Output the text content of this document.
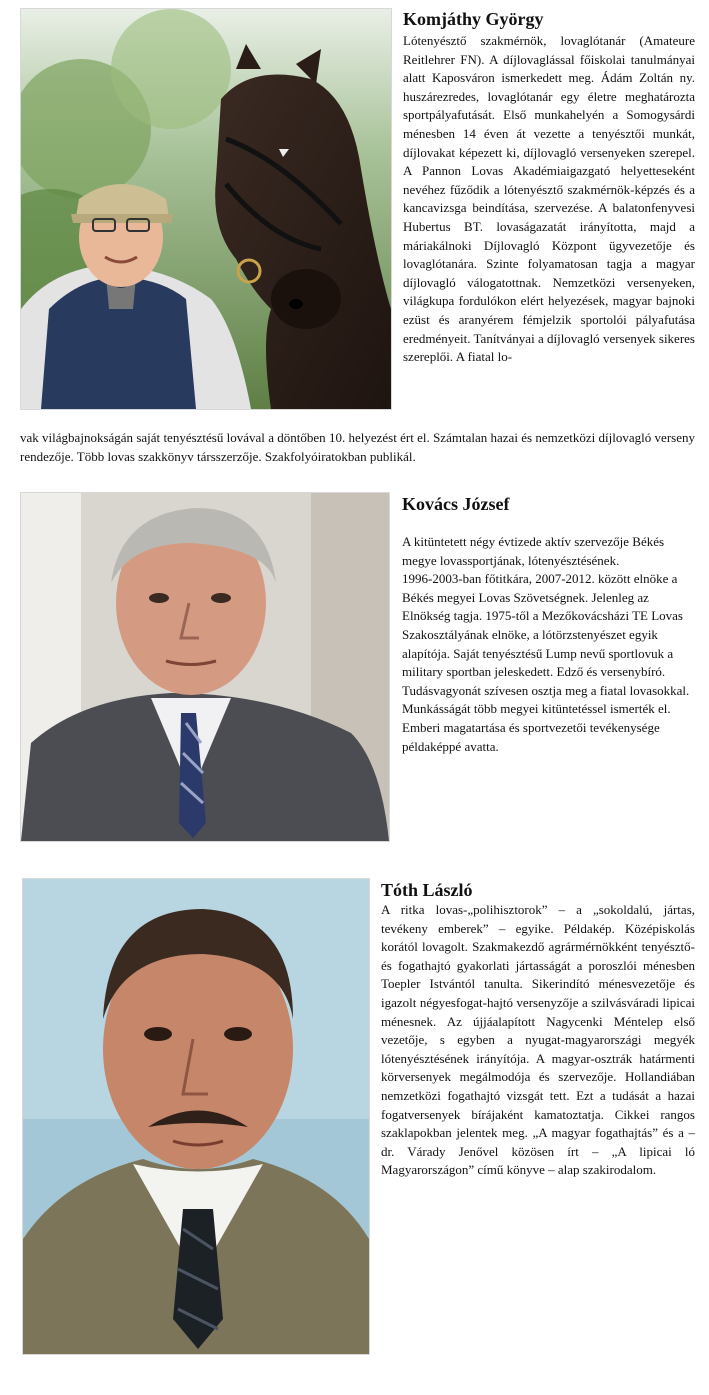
Komjáthy György
Lótenyésztő szakmérnök, lovaglótanár (Amateure Reitlehrer FN). A díjlovaglással főiskolai tanulmányai alatt Kaposváron ismerkedett meg. Ádám Zoltán ny. huszárezredes, lovaglótanár egy életre meghatározta sportpályafutását. Első munkahelyén a Somogysárdi ménesben 14 éven át vezette a tenyésztői munkát, díjlovakat képezett ki, díjlovagló versenyeken szerepel. A Pannon Lovas Akadémiaigazgató helyetteseként nevéhez fűződik a lótenyésztő szakmérnök-képzés és a kancavizsga beindítása, szervezése. A balatonfenyvesi Hubertus BT. lovaságazatát irányította, majd a máriakálnoki Díjlovagló Központ ügyvezetője és lovaglótanára. Szinte folyamatosan tagja a magyar díjlovagló válogatottnak. Nemzetközi versenyeken, világkupa fordulókon elért helyezések, magyar bajnoki ezüst és aranyérem fémjelzik sportolói pályafutása eredményeit. Tanítványai a díjlovagló versenyek sikeres szereplői. A fiatal lo-
vak világbajnokságán saját tenyésztésű lovával a döntőben 10. helyezést ért el. Számtalan hazai és nemzetközi díjlovagló verseny rendezője. Több lovas szakkönyv társszerzője. Szakfolyóiratokban publikál.
Kovács József
A kitüntetett négy évtizede aktív szervezője Békés megye lovassportjának, lótenyésztésének.
1996-2003-ban főtitkára, 2007-2012. között elnöke a Békés megyei Lovas Szövetségnek. Jelenleg az Elnökség tagja. 1975-től a Mezőkovácsházi TE Lovas Szakosztályának elnöke, a lótörzstenyészet egyik alapítója. Saját tenyésztésű Lump nevű sportlovuk a military sportban jeleskedett. Edző és versenybíró. Tudásvagyonát szívesen osztja meg a fiatal lovasokkal. Munkásságát több megyei kitüntetéssel ismerték el. Emberi magatartása és sportvezetői tevékenysége példaképpé avatta.
Tóth László
A ritka lovas-„polihisztorok” – a „sokoldalú, jártas, tevékeny emberek” – egyike. Példakép. Középiskolás korától lovagolt. Szakmakezdő agrármérnökként tenyésztő- és fogathajtó gyakorlati jártasságát a poroszlói ménesben Toepler Istvántól tanulta. Sikerindító ménesvezetője és igazolt négyesfogat-hajtó versenyzője a szilvásváradi lipicai ménesnek. Az újjáalapított Nagycenki Méntelep első vezetője, s egyben a nyugat-magyarországi megyék lótenyésztésének irányítója. A magyar-osztrák határmenti körversenyek megálmodója és szervezője. Hollandiában nemzetközi fogathajtó vizsgát tett. Ezt a tudását a hazai fogatversenyek bírájaként kamatoztatja. Cikkei rangos szaklapokban jelentek meg. „A magyar fogathajtás” és a – dr. Várady Jenővel közösen írt – „A lipicai ló Magyarországon” című könyve – alap szakirodalom.
